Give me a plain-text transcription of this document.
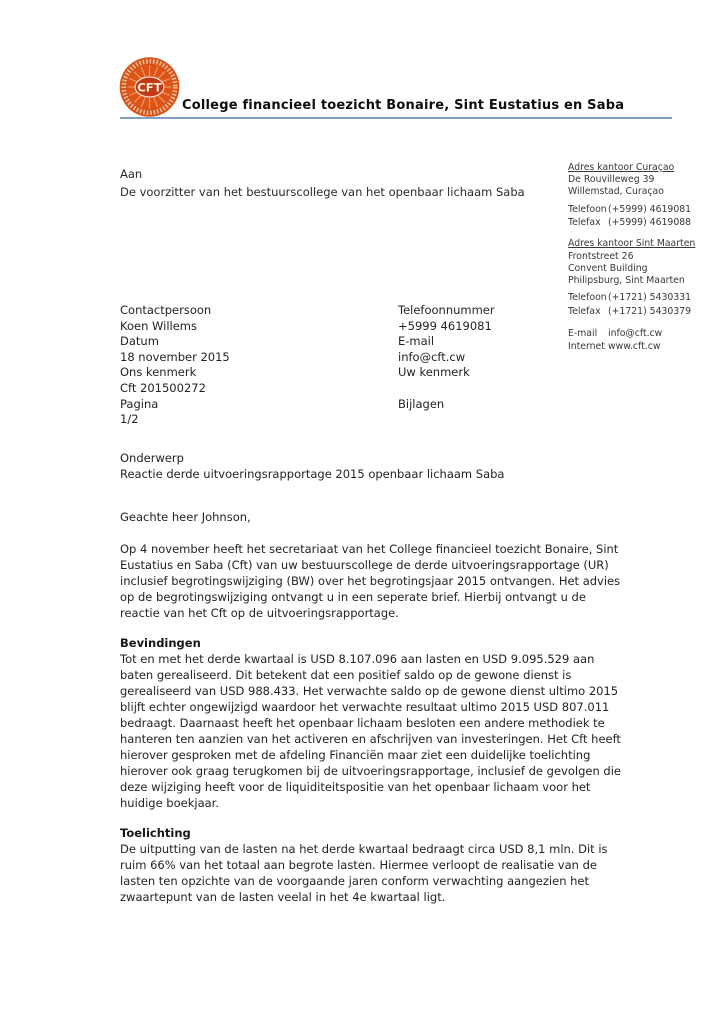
CFT
College financieel toezicht Bonaire, Sint Eustatius en Saba
Aan
De voorzitter van het bestuurscollege van het openbaar lichaam Saba
Adres kantoor Curaçao
De Rouvilleweg 39
Willemstad, Curaçao
Telefoon (+5999) 4619081
Telefax (+5999) 4619088
Adres kantoor Sint Maarten
Frontstreet 26
Convent Building
Philipsburg, Sint Maarten
Telefoon (+1721) 5430331
Telefax (+1721) 5430379
E-mail	info@cft.cw
Internet www.cft.cw
Contactpersoon
Koen Willems
Datum
18 november 2015
Ons kenmerk
Cft 201500272
Pagina
1/2
Telefoonnummer
+5999 4619081
E-mail
info@cft.cw
Uw kenmerk
Bijlagen
Onderwerp
Reactie derde uitvoeringsrapportage 2015 openbaar lichaam Saba

Geachte heer Johnson,

Op 4 november heeft het secretariaat van het College financieel toezicht Bonaire, Sint Eustatius en Saba (Cft) van uw bestuurscollege de derde uitvoeringsrapportage (UR) inclusief begrotingswijziging (BW) over het begrotingsjaar 2015 ontvangen. Het advies op de begrotingswijziging ontvangt u in een seperate brief. Hierbij ontvangt u de reactie van het Cft op de uitvoeringsrapportage.

Bevindingen

Tot en met het derde kwartaal is USD 8.107.096 aan lasten en USD 9.095.529 aan baten gerealiseerd. Dit betekent dat een positief saldo op de gewone dienst is gerealiseerd van USD 988.433. Het verwachte saldo op de gewone dienst ultimo 2015 blijft echter ongewijzigd waardoor het verwachte resultaat ultimo 2015 USD 807.011 bedraagt. Daarnaast heeft het openbaar lichaam besloten een andere methodiek te hanteren ten aanzien van het activeren en afschrijven van investeringen. Het Cft heeft hierover gesproken met de afdeling Financiën maar ziet een duidelijke toelichting hierover ook graag terugkomen bij de uitvoeringsrapportage, inclusief de gevolgen die deze wijziging heeft voor de liquiditeitspositie van het openbaar lichaam voor het huidige boekjaar.

Toelichting

De uitputting van de lasten na het derde kwartaal bedraagt circa USD 8,1 mln. Dit is ruim 66% van het totaal aan begrote lasten. Hiermee verloopt de realisatie van de lasten ten opzichte van de voorgaande jaren conform verwachting aangezien het zwaartepunt van de lasten veelal in het 4e kwartaal ligt.
